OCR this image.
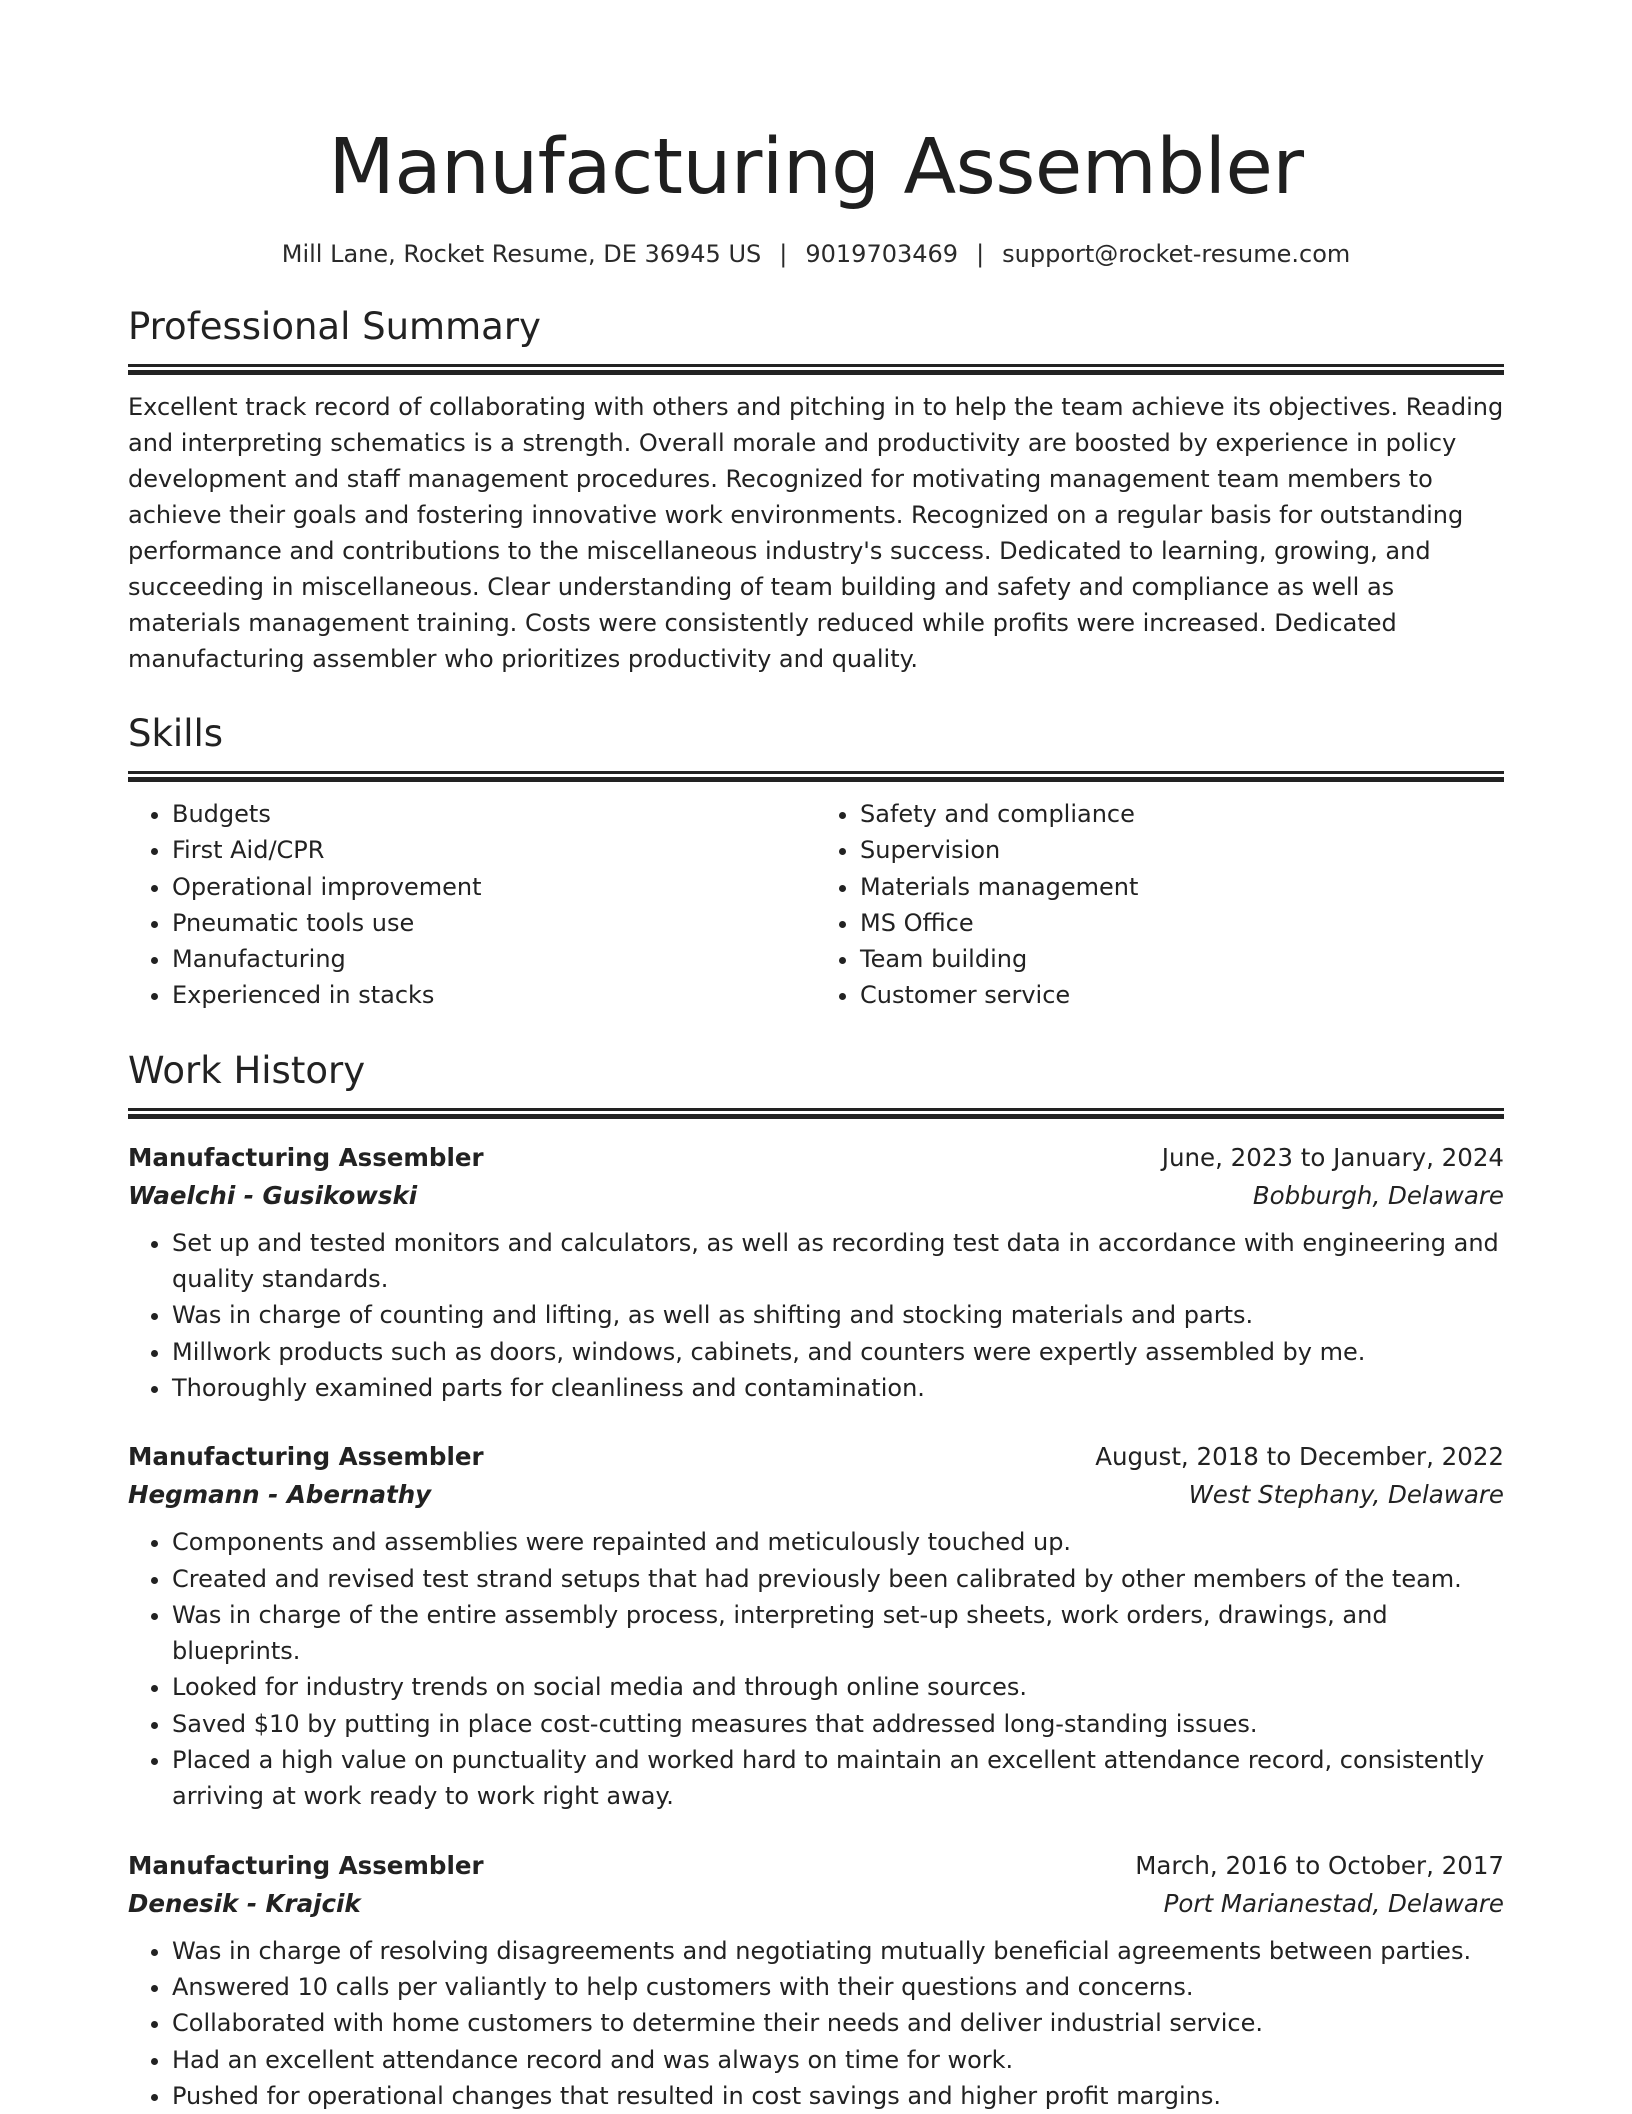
Manufacturing Assembler
Mill Lane, Rocket Resume, DE 36945 US | 9019703469 | support@rocket-resume.com
Professional Summary

Excellent track record of collaborating with others and pitching in to help the team achieve its objectives. Reading and interpreting schematics is a strength. Overall morale and productivity are boosted by experience in policy development and staff management procedures. Recognized for motivating management team members to achieve their goals and fostering innovative work environments. Recognized on a regular basis for outstanding performance and contributions to the miscellaneous industry's success. Dedicated to learning, growing, and succeeding in miscellaneous. Clear understanding of team building and safety and compliance as well as materials management training. Costs were consistently reduced while profits were increased. Dedicated manufacturing assembler who prioritizes productivity and quality.

Skills
• Budgets
• First Aid/CPR
• Operational improvement
• Pneumatic tools use
• Manufacturing
• Experienced in stacks
• Safety and compliance
• Supervision
• Materials management
• MS Office
• Team building
• Customer service
Work History
Manufacturing Assembler	June, 2023 to January, 2024
Waelchi - Gusikowski	Bobburgh, Delaware
• Set up and tested monitors and calculators, as well as recording test data in accordance with engineering and quality standards.
• Was in charge of counting and lifting, as well as shifting and stocking materials and parts.
• Millwork products such as doors, windows, cabinets, and counters were expertly assembled by me.
• Thoroughly examined parts for cleanliness and contamination.
Manufacturing Assembler	August, 2018 to December, 2022
Hegmann - Abernathy	West Stephany, Delaware
• Components and assemblies were repainted and meticulously touched up.
• Created and revised test strand setups that had previously been calibrated by other members of the team.
• Was in charge of the entire assembly process, interpreting set-up sheets, work orders, drawings, and blueprints.
• Looked for industry trends on social media and through online sources.
• Saved $10 by putting in place cost-cutting measures that addressed long-standing issues.
• Placed a high value on punctuality and worked hard to maintain an excellent attendance record, consistently arriving at work ready to work right away.
Manufacturing Assembler	March, 2016 to October, 2017
Denesik - Krajcik	Port Marianestad, Delaware
• Was in charge of resolving disagreements and negotiating mutually beneficial agreements between parties.
• Answered 10 calls per valiantly to help customers with their questions and concerns.
• Collaborated with home customers to determine their needs and deliver industrial service.
• Had an excellent attendance record and was always on time for work.
• Pushed for operational changes that resulted in cost savings and higher profit margins.
